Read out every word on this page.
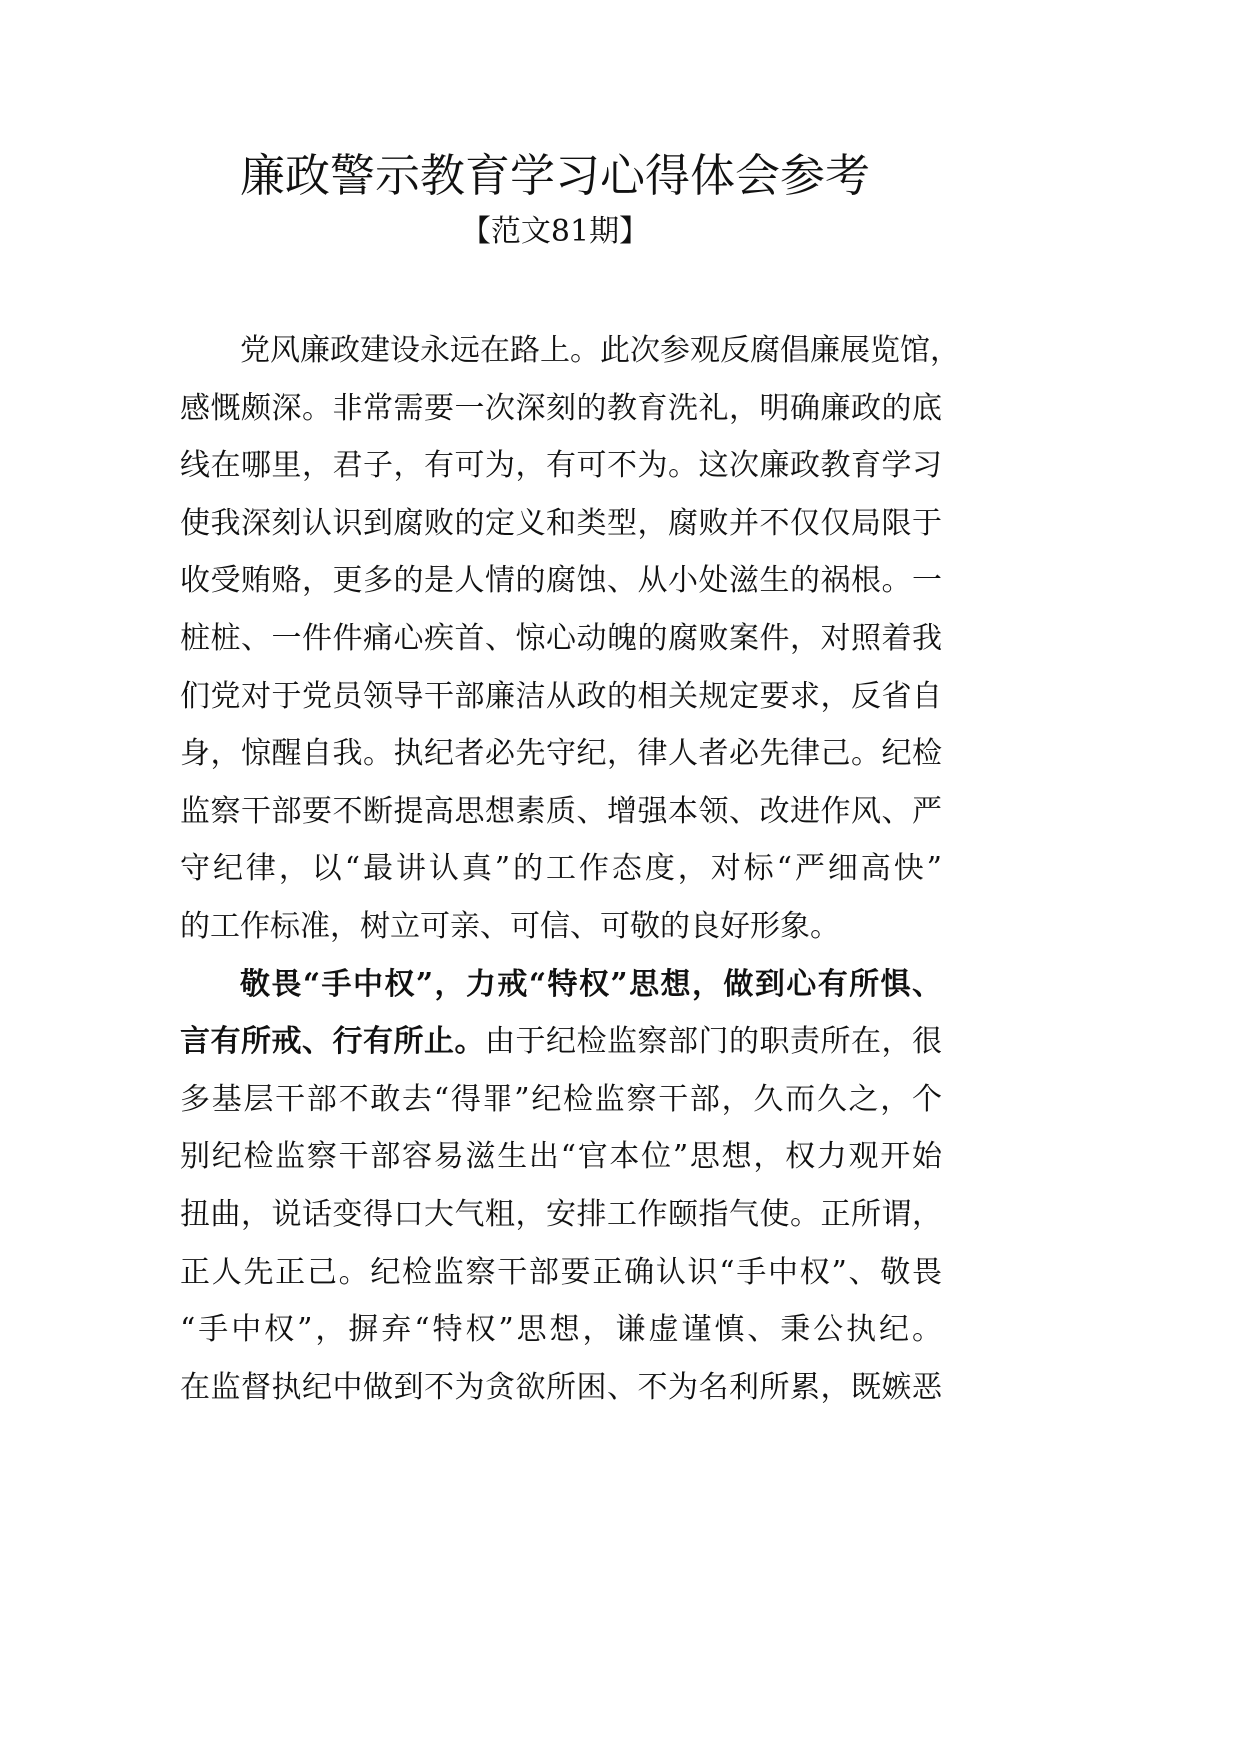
廉政警示教育学习心得体会参考
【范文81期】
党风廉政建设永远在路上。此次参观反腐倡廉展览馆，
感慨颇深。非常需要一次深刻的教育洗礼，明确廉政的底
线在哪里，君子，有可为，有可不为。这次廉政教育学习
使我深刻认识到腐败的定义和类型，腐败并不仅仅局限于
收受贿赂，更多的是人情的腐蚀、从小处滋生的祸根。一
桩桩、一件件痛心疾首、惊心动魄的腐败案件，对照着我
们党对于党员领导干部廉洁从政的相关规定要求，反省自
身，惊醒自我。执纪者必先守纪，律人者必先律己。纪检
监察干部要不断提高思想素质、增强本领、改进作风、严
守纪律，以“最讲认真”的工作态度，对标“严细高快”
的工作标准，树立可亲、可信、可敬的良好形象。
敬畏“手中权”，力戒“特权”思想，做到心有所惧、
言有所戒、行有所止。由于纪检监察部门的职责所在，很
多基层干部不敢去“得罪”纪检监察干部，久而久之，个
别纪检监察干部容易滋生出“官本位”思想，权力观开始
扭曲，说话变得口大气粗，安排工作颐指气使。正所谓，
正人先正己。纪检监察干部要正确认识“手中权”、敬畏
“手中权”，摒弃“特权”思想，谦虚谨慎、秉公执纪。
在监督执纪中做到不为贪欲所困、不为名利所累，既嫉恶
